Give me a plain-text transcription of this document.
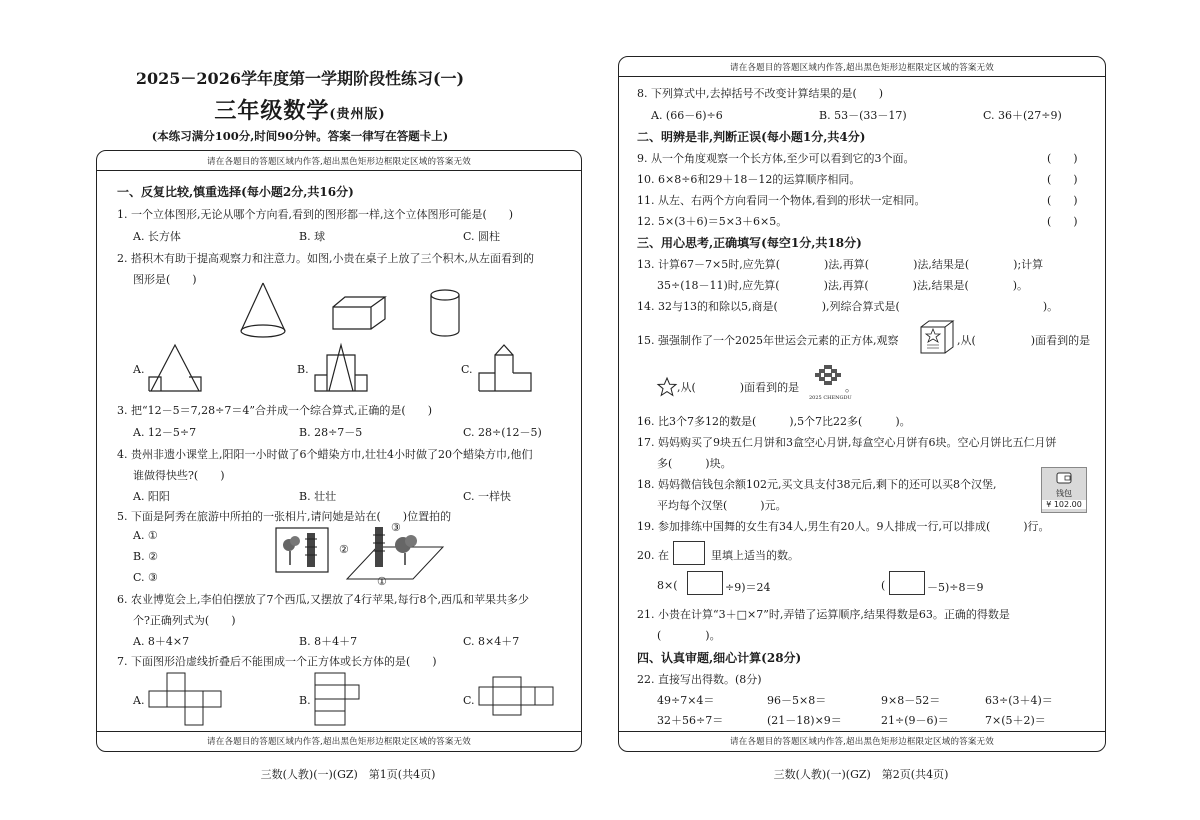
2025－2026学年度第一学期阶段性练习(一)
三年级数学(贵州版)
(本练习满分100分,时间90分钟。答案一律写在答题卡上)
请在各题目的答题区域内作答,超出黑色矩形边框限定区域的答案无效
一、反复比较,慎重选择(每小题2分,共16分)
1. 一个立体图形,无论从哪个方向看,看到的图形都一样,这个立体图形可能是(　　)
A. 长方体	B. 球	C. 圆柱
2. 搭积木有助于提高观察力和注意力。如图,小贵在桌子上放了三个积木,从左面看到的
图形是(　　)
A.	B.	C.
3. 把“12－5＝7,28÷7＝4”合并成一个综合算式,正确的是(　　)
A. 12－5÷7	B. 28÷7－5	C. 28÷(12－5)
4. 贵州非遗小课堂上,阳阳一小时做了6个蜡染方巾,壮壮4小时做了20个蜡染方巾,他们
谁做得快些?(　　)
A. 阳阳	B. 壮壮	C. 一样快
5. 下面是阿秀在旅游中所拍的一张相片,请问她是站在(　　)位置拍的
A. ①
B. ②
C. ③
③
②
①
6. 农业博览会上,李伯伯摆放了7个西瓜,又摆放了4行苹果,每行8个,西瓜和苹果共多少
个?正确列式为(　　)
A. 8＋4×7	B. 8＋4＋7	C. 8×4＋7
7. 下面图形沿虚线折叠后不能围成一个正方体或长方体的是(　　)
A.	B.	C.
请在各题目的答题区域内作答,超出黑色矩形边框限定区域的答案无效
三数(人教)(一)(GZ)　第1页(共4页)
请在各题目的答题区域内作答,超出黑色矩形边框限定区域的答案无效
8. 下列算式中,去掉括号不改变计算结果的是(　　)
A. (66－6)÷6	B. 53－(33－17)	C. 36＋(27÷9)
二、明辨是非,判断正误(每小题1分,共4分)
9. 从一个角度观察一个长方体,至少可以看到它的3个面。	(　　)
10. 6×8÷6和29＋18－12的运算顺序相同。	(　　)
11. 从左、右两个方向看同一个物体,看到的形状一定相同。	(　　)
12. 5×(3＋6)＝5×3＋6×5。	(　　)
三、用心思考,正确填写(每空1分,共18分)
13. 计算67－7×5时,应先算(　　　　)法,再算(　　　　)法,结果是(　　　　);计算
35÷(18－11)时,应先算(　　　　)法,再算(　　　　)法,结果是(　　　　)。
14. 32与13的和除以5,商是(　　　　),列综合算式是(　　　　　　　　　　　　　)。
15. 强强制作了一个2025年世运会元素的正方体,观察	,从(　　　　　)面看到的是
,从(　　　　)面看到的是
2025 CHENGDU
。
16. 比3个7多12的数是(　　　),5个7比22多(　　　)。
17. 妈妈购买了9块五仁月饼和3盒空心月饼,每盒空心月饼有6块。空心月饼比五仁月饼
多(　　　)块。
18. 妈妈微信钱包余额102元,买文具支付38元后,剩下的还可以买8个汉堡,
平均每个汉堡(　　　)元。
钱包
¥ 102.00
19. 参加排练中国舞的女生有34人,男生有20人。9人排成一行,可以排成(　　　)行。
20. 在	里填上适当的数。
8×(	÷9)＝24	(	－5)÷8＝9
21. 小贵在计算“3＋□×7”时,弄错了运算顺序,结果得数是63。正确的得数是
(　　　　)。
四、认真审题,细心计算(28分)
22. 直接写出得数。(8分)
49÷7×4＝	96－5×8＝	9×8－52＝	63÷(3＋4)＝
32＋56÷7＝	(21－18)×9＝	21÷(9－6)＝	7×(5＋2)＝
请在各题目的答题区域内作答,超出黑色矩形边框限定区域的答案无效
三数(人教)(一)(GZ)　第2页(共4页)
